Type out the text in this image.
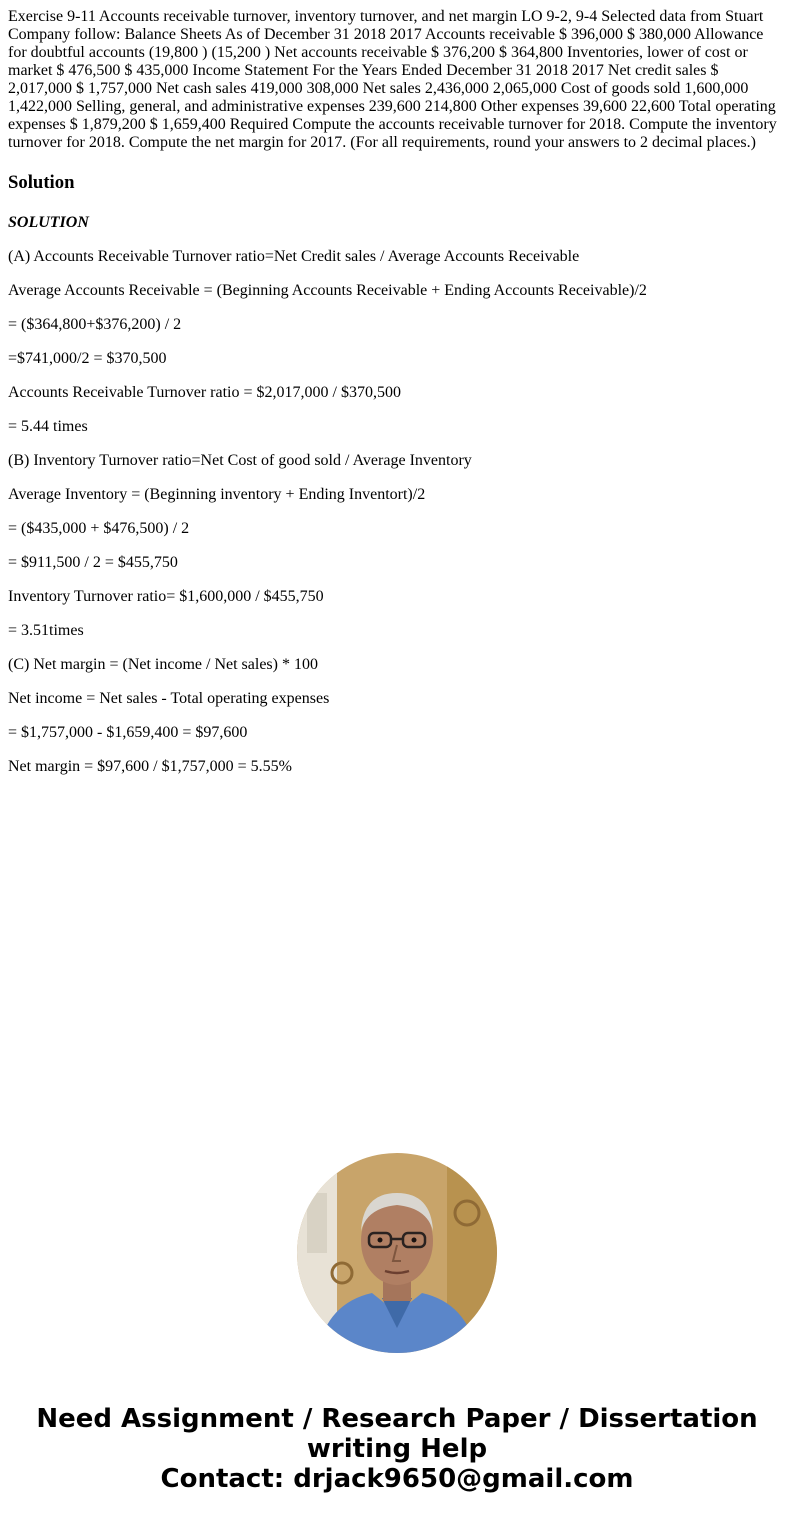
Exercise 9-11 Accounts receivable turnover, inventory turnover, and net margin LO 9-2, 9-4 Selected data from Stuart Company follow: Balance Sheets As of December 31 2018 2017 Accounts receivable $ 396,000 $ 380,000 Allowance for doubtful accounts (19,800 ) (15,200 ) Net accounts receivable $ 376,200 $ 364,800 Inventories, lower of cost or market $ 476,500 $ 435,000 Income Statement For the Years Ended December 31 2018 2017 Net credit sales $ 2,017,000 $ 1,757,000 Net cash sales 419,000 308,000 Net sales 2,436,000 2,065,000 Cost of goods sold 1,600,000 1,422,000 Selling, general, and administrative expenses 239,600 214,800 Other expenses 39,600 22,600 Total operating expenses $ 1,879,200 $ 1,659,400 Required Compute the accounts receivable turnover for 2018. Compute the inventory turnover for 2018. Compute the net margin for 2017. (For all requirements, round your answers to 2 decimal places.)

Solution

SOLUTION

(A) Accounts Receivable Turnover ratio=Net Credit sales / Average Accounts Receivable

Average Accounts Receivable = (Beginning Accounts Receivable + Ending Accounts Receivable)/2

= ($364,800+$376,200) / 2

=$741,000/2 = $370,500

Accounts Receivable Turnover ratio = $2,017,000 / $370,500

= 5.44 times

(B) Inventory Turnover ratio=Net Cost of good sold / Average Inventory

Average Inventory = (Beginning inventory + Ending Inventort)/2

= ($435,000 + $476,500) / 2

= $911,500 / 2 = $455,750

Inventory Turnover ratio= $1,600,000 / $455,750

= 3.51times

(C) Net margin = (Net income / Net sales) * 100

Net income = Net sales - Total operating expenses

= $1,757,000 - $1,659,400 = $97,600

Net margin = $97,600 / $1,757,000 = 5.55%

Need Assignment / Research Paper / Dissertation
writing Help
Contact: drjack9650@gmail.com
